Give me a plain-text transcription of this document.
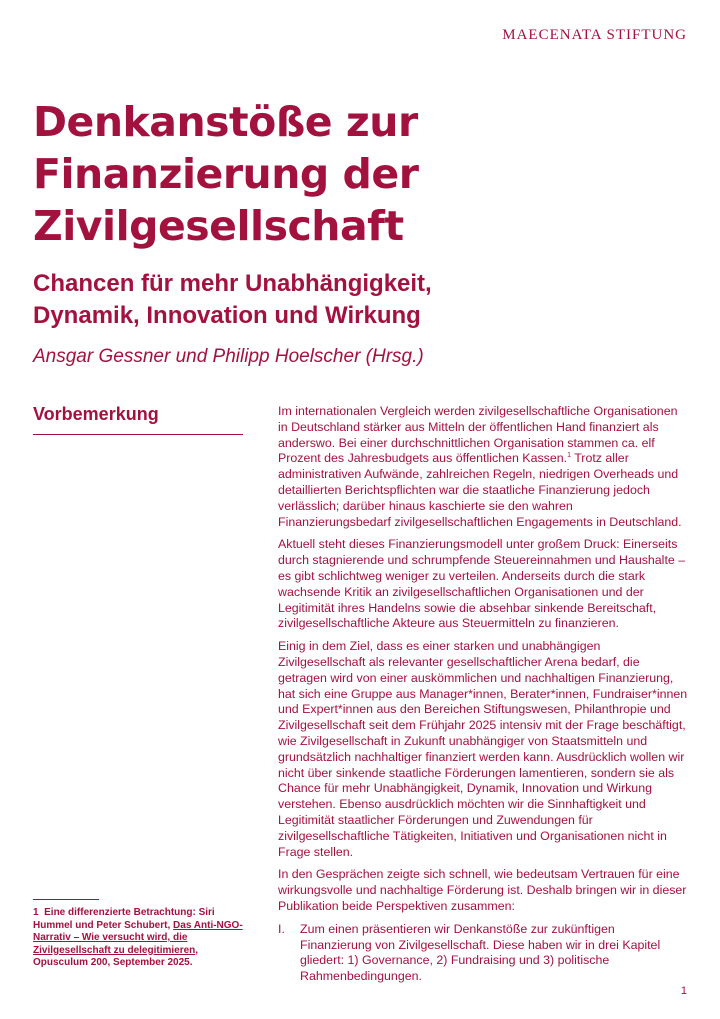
MAECENATA STIFTUNG
Denkanstöße zur
Finanzierung der
Zivilgesellschaft
Chancen für mehr Unabhängigkeit,
Dynamik, Innovation und Wirkung

Ansgar Gessner und Philipp Hoelscher (Hrsg.)

Vorbemerkung	Im internationalen Vergleich werden zivilgesellschaftliche Organisationen in Deutschland stärker aus Mitteln der öffentlichen Hand finanziert als anderswo. Bei einer durchschnittlichen Organisation stammen ca. elf Prozent des Jahresbudgets aus öffentlichen Kassen.$^1$ Trotz aller administrativen Aufwände, zahlreichen Regeln, niedrigen Overheads und detaillierten Berichtspflichten war die staatliche Finanzierung jedoch verlässlich; darüber hinaus kaschierte sie den wahren Finanzierungsbedarf zivilgesellschaftlichen Engagements in Deutschland.

Aktuell steht dieses Finanzierungsmodell unter großem Druck: Einerseits durch stagnierende und schrumpfende Steuereinnahmen und Haushalte – es gibt schlichtweg weniger zu verteilen. Anderseits durch die stark wachsende Kritik an zivilgesellschaftlichen Organisationen und der Legitimität ihres Handelns sowie die absehbar sinkende Bereitschaft, zivilgesellschaftliche Akteure aus Steuermitteln zu finanzieren.

Einig in dem Ziel, dass es einer starken und unabhängigen Zivilgesellschaft als relevanter gesellschaftlicher Arena bedarf, die getragen wird von einer auskömmlichen und nachhaltigen Finanzierung, hat sich eine Gruppe aus Manager*innen, Berater*innen, Fundraiser*innen und Expert*innen aus den Bereichen Stiftungswesen, Philanthropie und Zivilgesellschaft seit dem Frühjahr 2025 intensiv mit der Frage beschäftigt, wie Zivilgesellschaft in Zukunft unabhängiger von Staatsmitteln und grundsätzlich nachhaltiger finanziert werden kann. Ausdrücklich wollen wir nicht über sinkende staatliche Förderungen lamentieren, sondern sie als Chance für mehr Unabhängigkeit, Dynamik, Innovation und Wirkung verstehen. Ebenso ausdrücklich möchten wir die Sinnhaftigkeit und Legitimität staatlicher Förderungen und Zuwendungen für zivilgesellschaftliche Tätigkeiten, Initiativen und Organisationen nicht in Frage stellen.

In den Gesprächen zeigte sich schnell, wie bedeutsam Vertrauen für eine wirkungsvolle und nachhaltige Förderung ist. Deshalb bringen wir in dieser Publikation beide Perspektiven zusammen:

I.	Zum einen präsentieren wir Denkanstöße zur zukünftigen Finanzierung von Zivilgesellschaft. Diese haben wir in drei Kapitel gliedert: 1) Governance, 2) Fundraising und 3) politische Rahmenbedingungen.
1 Eine differenzierte Betrachtung: Siri Hummel und Peter Schubert, Das Anti-NGO-Narrativ – Wie versucht wird, die Zivilgesellschaft zu delegitimieren, Opusculum 200, September 2025.
1
